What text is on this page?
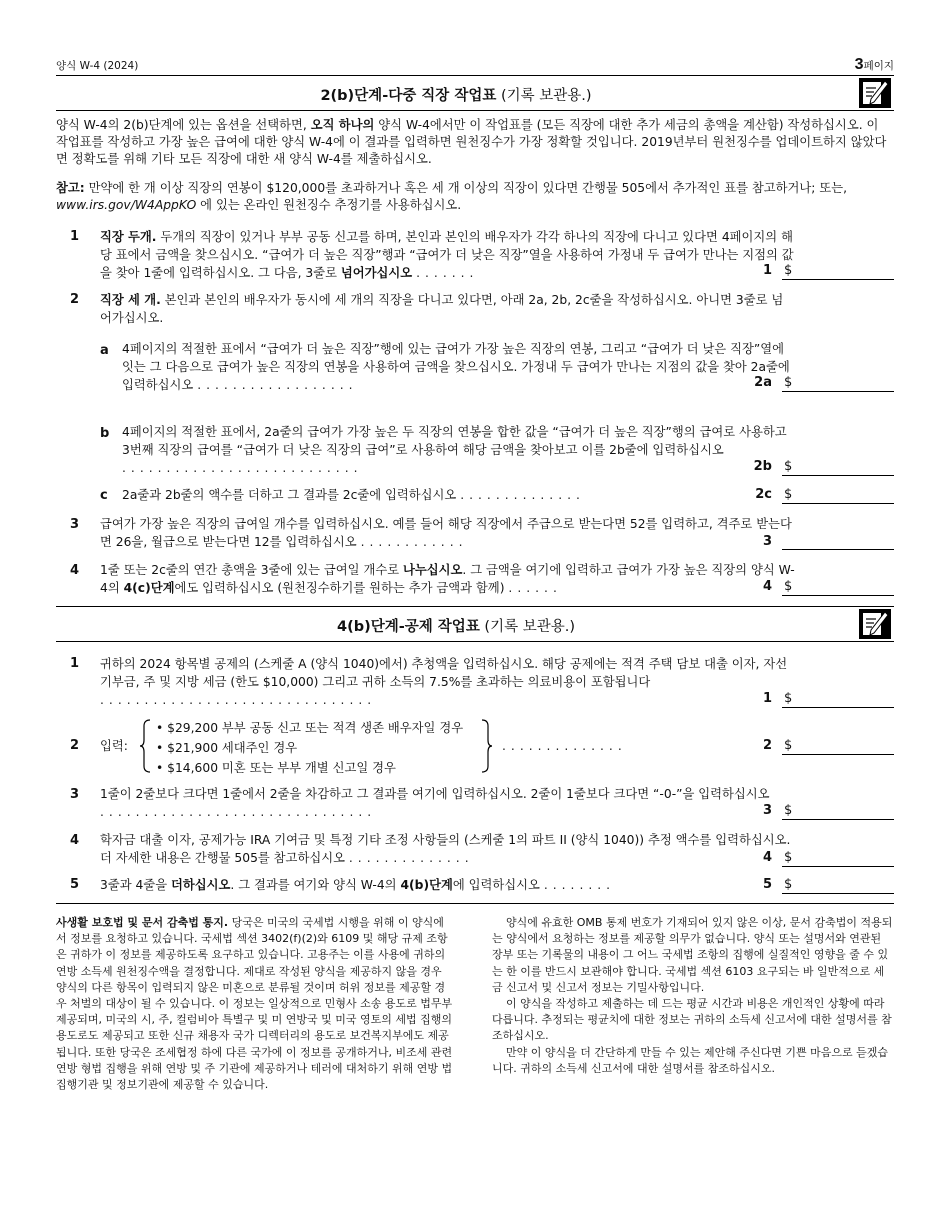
양식 W-4 (2024)	3페이지
2(b)단계-다중 직장 작업표 (기록 보관용.)
양식 W-4의 2(b)단계에 있는 옵션을 선택하면, 오직 하나의 양식 W-4에서만 이 작업표를 (모든 직장에 대한 추가 세금의 총액을 계산함) 작성하십시오. 이 작업표를 작성하고 가장 높은 급여에 대한 양식 W-4에 이 결과를 입력하면 원천징수가 가장 정확할 것입니다. 2019년부터 원천징수를 업데이트하지 않았다면 정확도를 위해 기타 모든 직장에 대한 새 양식 W-4를 제출하십시오.
참고: 만약에 한 개 이상 직장의 연봉이 $120,000를 초과하거나 혹은 세 개 이상의 직장이 있다면 간행물 505에서 추가적인 표를 참고하거나; 또는,
www.irs.gov/W4AppKO 에 있는 온라인 원천징수 추정기를 사용하십시오.
1 직장 두개. 두개의 직장이 있거나 부부 공동 신고를 하며, 본인과 본인의 배우자가 각각 하나의 직장에 다니고 있다면 4페이지의 해당 표에서 금액을 찾으십시오. “급여가 더 높은 직장”행과 “급여가 더 낮은 직장”열을 사용하여 가정내 두 급여가 만나는 지점의 값을 찾아 1줄에 입력하십시오. 그 다음, 3줄로 넘어가십시오 .......	1 $
2 직장 세 개. 본인과 본인의 배우자가 동시에 세 개의 직장을 다니고 있다면, 아래 2a, 2b, 2c줄을 작성하십시오. 아니면 3줄로 넘어가십시오.
a 4페이지의 적절한 표에서 “급여가 더 높은 직장”행에 있는 급여가 가장 높은 직장의 연봉, 그리고 “급여가 더 낮은 직장”열에 잇는 그 다음으로 급여가 높은 직장의 연봉을 사용하여 금액을 찾으십시오. 가정내 두 급여가 만나는 지점의 값을 찾아 2a줄에 입력하십시오 ..................	2a $
b 4페이지의 적절한 표에서, 2a줄의 급여가 가장 높은 두 직장의 연봉을 합한 값을 “급여가 더 높은 직장”행의 급여로 사용하고 3번째 직장의 급여를 “급여가 더 낮은 직장의 급여”로 사용하여 해당 금액을 찾아보고 이를 2b줄에 입력하십시오 ...........................	2b $
c 2a줄과 2b줄의 액수를 더하고 그 결과를 2c줄에 입력하십시오 ..............	2c $
3 급여가 가장 높은 직장의 급여일 개수를 입력하십시오. 예를 들어 해당 직장에서 주급으로 받는다면 52를 입력하고, 격주로 받는다면 26을, 월급으로 받는다면 12를 입력하십시오 ............	3
4 1줄 또는 2c줄의 연간 총액을 3줄에 있는 급여일 개수로 나누십시오. 그 금액을 여기에 입력하고 급여가 가장 높은 직장의 양식 W-4의 4(c)단계에도 입력하십시오 (원천징수하기를 원하는 추가 금액과 함께) ......	4 $
4(b)단계-공제 작업표 (기록 보관용.)
1 귀하의 2024 항목별 공제의 (스케줄 A (양식 1040)에서) 추청액을 입력하십시오. 해당 공제에는 적격 주택 담보 대출 이자, 자선 기부금, 주 및 지방 세금 (한도 $10,000) 그리고 귀하 소득의 7.5%를 초과하는 의료비용이 포함됩니다 ...............................	1 $
2 입력:
• $29,200 부부 공동 신고 또는 적격 생존 배우자일 경우
• $21,900 세대주인 경우
• $14,600 미혼 또는 부부 개별 신고일 경우
..............	2 $
3 1줄이 2줄보다 크다면 1줄에서 2줄을 차감하고 그 결과를 여기에 입력하십시오. 2줄이 1줄보다 크다면 “-0-”을 입력하십시오 ...............................	3 $
4 학자금 대출 이자, 공제가능 IRA 기여금 및 특정 기타 조정 사항들의 (스케줄 1의 파트 II (양식 1040)) 추정 액수를 입력하십시오. 더 자세한 내용은 간행물 505를 참고하십시오 ..............	4 $
5 3줄과 4줄을 더하십시오. 그 결과를 여기와 양식 W-4의 4(b)단계에 입력하십시오 ........	5 $
사생활 보호법 및 문서 감축법 통지. 당국은 미국의 국세법 시행을 위해 이 양식에서 정보를 요청하고 있습니다. 국세법 섹션 3402(f)(2)와 6109 및 해당 규제 조항은 귀하가 이 정보를 제공하도록 요구하고 있습니다. 고용주는 이를 사용에 귀하의 연방 소득세 원천징수액을 결정합니다. 제대로 작성된 양식을 제공하지 않을 경우 양식의 다른 항목이 입력되지 않은 미혼으로 분류될 것이며 허위 정보를 제공할 경우 처벌의 대상이 될 수 있습니다. 이 정보는 일상적으로 민형사 소송 용도로 법무부 제공되며, 미국의 시, 주, 컬럼비아 특별구 및 미 연방국 및 미국 영토의 세법 집행의 용도로도 제공되고 또한 신규 채용자 국가 디렉터리의 용도로 보건복지부에도 제공됩니다. 또한 당국은 조세협정 하에 다른 국가에 이 정보를 공개하거나, 비조세 관련 연방 형법 집행을 위해 연방 및 주 기관에 제공하거나 테러에 대처하기 위해 연방 법 집행기관 및 정보기관에 제공할 수 있습니다.
양식에 유효한 OMB 통제 번호가 기재되어 있지 않은 이상, 문서 감축법이 적용되는 양식에서 요청하는 정보를 제공할 의무가 없습니다. 양식 또는 설명서와 연관된 장부 또는 기록물의 내용이 그 어느 국세법 조항의 집행에 실질적인 영향을 줄 수 있는 한 이를 반드시 보관해야 합니다. 국세법 섹션 6103 요구되는 바 일반적으로 세금 신고서 및 신고서 정보는 기밀사항입니다.
이 양식을 작성하고 제출하는 데 드는 평균 시간과 비용은 개인적인 상황에 따라 다릅니다. 추정되는 평균치에 대한 정보는 귀하의 소득세 신고서에 대한 설명서를 참조하십시오.
만약 이 양식을 더 간단하게 만들 수 있는 제안해 주신다면 기쁜 마음으로 듣겠습니다. 귀하의 소득세 신고서에 대한 설명서를 참조하십시오.
